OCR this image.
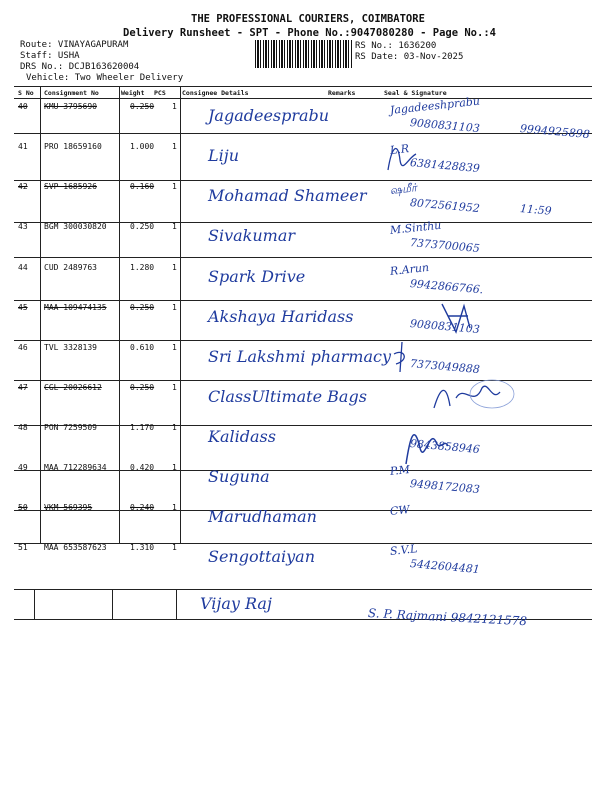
THE PROFESSIONAL COURIERS, COIMBATORE
Delivery Runsheet - SPT - Phone No.:9047080280 - Page No.:4
Route: VINAYAGAPURAM
Staff: USHA
DRS No.: DCJB163620004
Vehicle: Two Wheeler Delivery
RS No.: 1636200
RS Date: 03-Nov-2025
S No Consignment No	Weight PCS	Consignee Details	Remarks	Seal & Signature
40 KMU 3795690	0.250 1 Jagadeesprabu	Jagadeeshprabu
9080831103	9994925898
41 PRO 18659160	1.000 1 Liju	L.R
6381428839
42 SVP 1685926	0.160 1 Mohamad Shameer ஷமீர்
8072561952	11:59
43 BGM 300030820	0.250 1 Sivakumar	M.Sinthu
7373700065
44 CUD 2489763	1.280 1 Spark Drive	R.Arun
9942866766.
45 MAA 109474135	0.250 1 Akshaya Haridass
9080831103
46 TVL 3328139	0.610 1 Sri Lakshmi pharmacy
7373049888
47 CGL 20026612	0.250 1 ClassUltimate Bags
48 PON 7259509	1.170 1 Kalidass
9843858946
49 MAA 712289634	0.420 1 Suguna	P.M
9498172083
50 VKM 569395	0.240 1 Marudhaman	CW
51 MAA 653587623	1.310 1 Sengottaiyan	S.V.L
5442604481
Vijay Raj
S. P. Rajmani 9842121578
